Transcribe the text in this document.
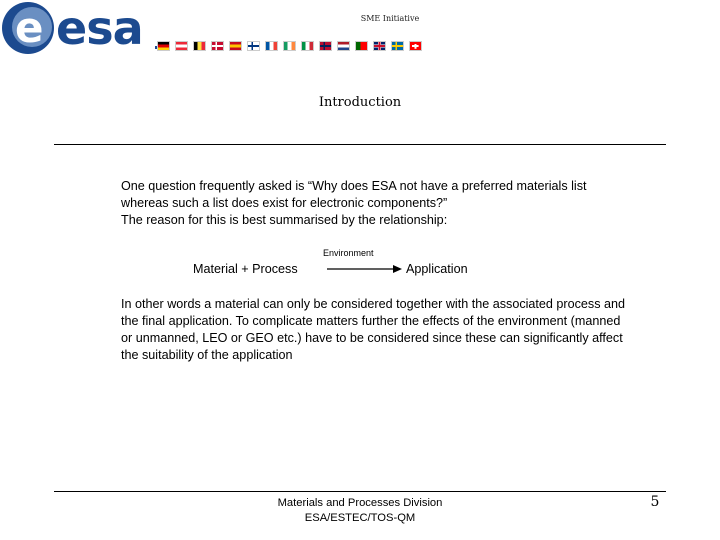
e esa	SME Initiative
Introduction

One question frequently asked is “Why does ESA not have a preferred materials list whereas such a list does exist for electronic components?”

The reason for this is best summarised by the relationship:

Environment
Material + Process	Application

In other words a material can only be considered together with the associated process and the final application. To complicate matters further the effects of the environment (manned or unmanned, LEO or GEO etc.) have to be considered since these can significantly affect the suitability of the application

Materials and Processes Division
ESA/ESTEC/TOS-QM
5
